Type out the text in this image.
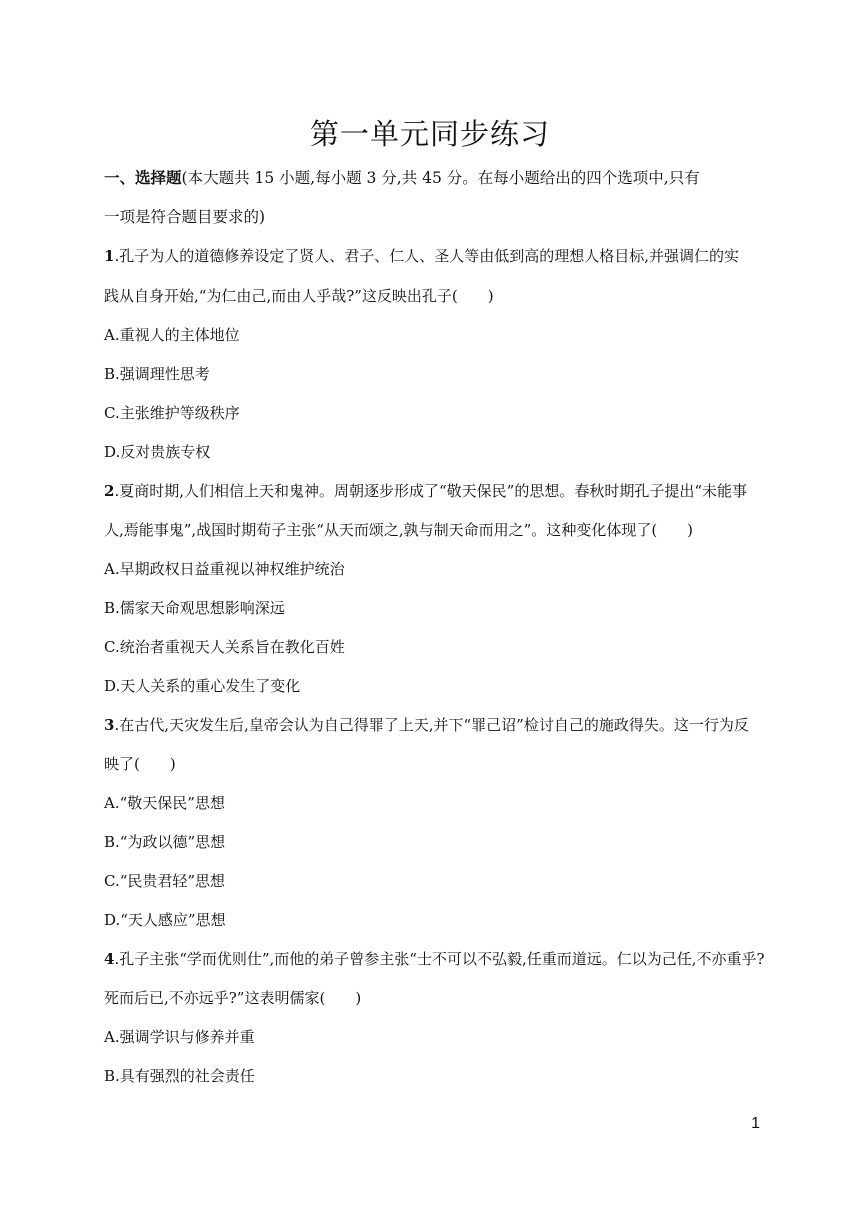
第一单元同步练习
一、选择题(本大题共 15 小题,每小题 3 分,共 45 分。在每小题给出的四个选项中,只有
一项是符合题目要求的)
1.孔子为人的道德修养设定了贤人、君子、仁人、圣人等由低到高的理想人格目标,并强调仁的实
践从自身开始,“为仁由己,而由人乎哉?”这反映出孔子(　　)
A.重视人的主体地位
B.强调理性思考
C.主张维护等级秩序
D.反对贵族专权
2.夏商时期,人们相信上天和鬼神。周朝逐步形成了“敬天保民”的思想。春秋时期孔子提出“未能事
人,焉能事鬼”,战国时期荀子主张“从天而颂之,孰与制天命而用之”。这种变化体现了(　　)
A.早期政权日益重视以神权维护统治
B.儒家天命观思想影响深远
C.统治者重视天人关系旨在教化百姓
D.天人关系的重心发生了变化
3.在古代,天灾发生后,皇帝会认为自己得罪了上天,并下“罪己诏”检讨自己的施政得失。这一行为反
映了(　　)
A.“敬天保民”思想
B.“为政以德”思想
C.“民贵君轻”思想
D.“天人感应”思想
4.孔子主张“学而优则仕”,而他的弟子曾参主张“士不可以不弘毅,任重而道远。仁以为己任,不亦重乎?
死而后已,不亦远乎?”这表明儒家(　　)
A.强调学识与修养并重
B.具有强烈的社会责任
1
